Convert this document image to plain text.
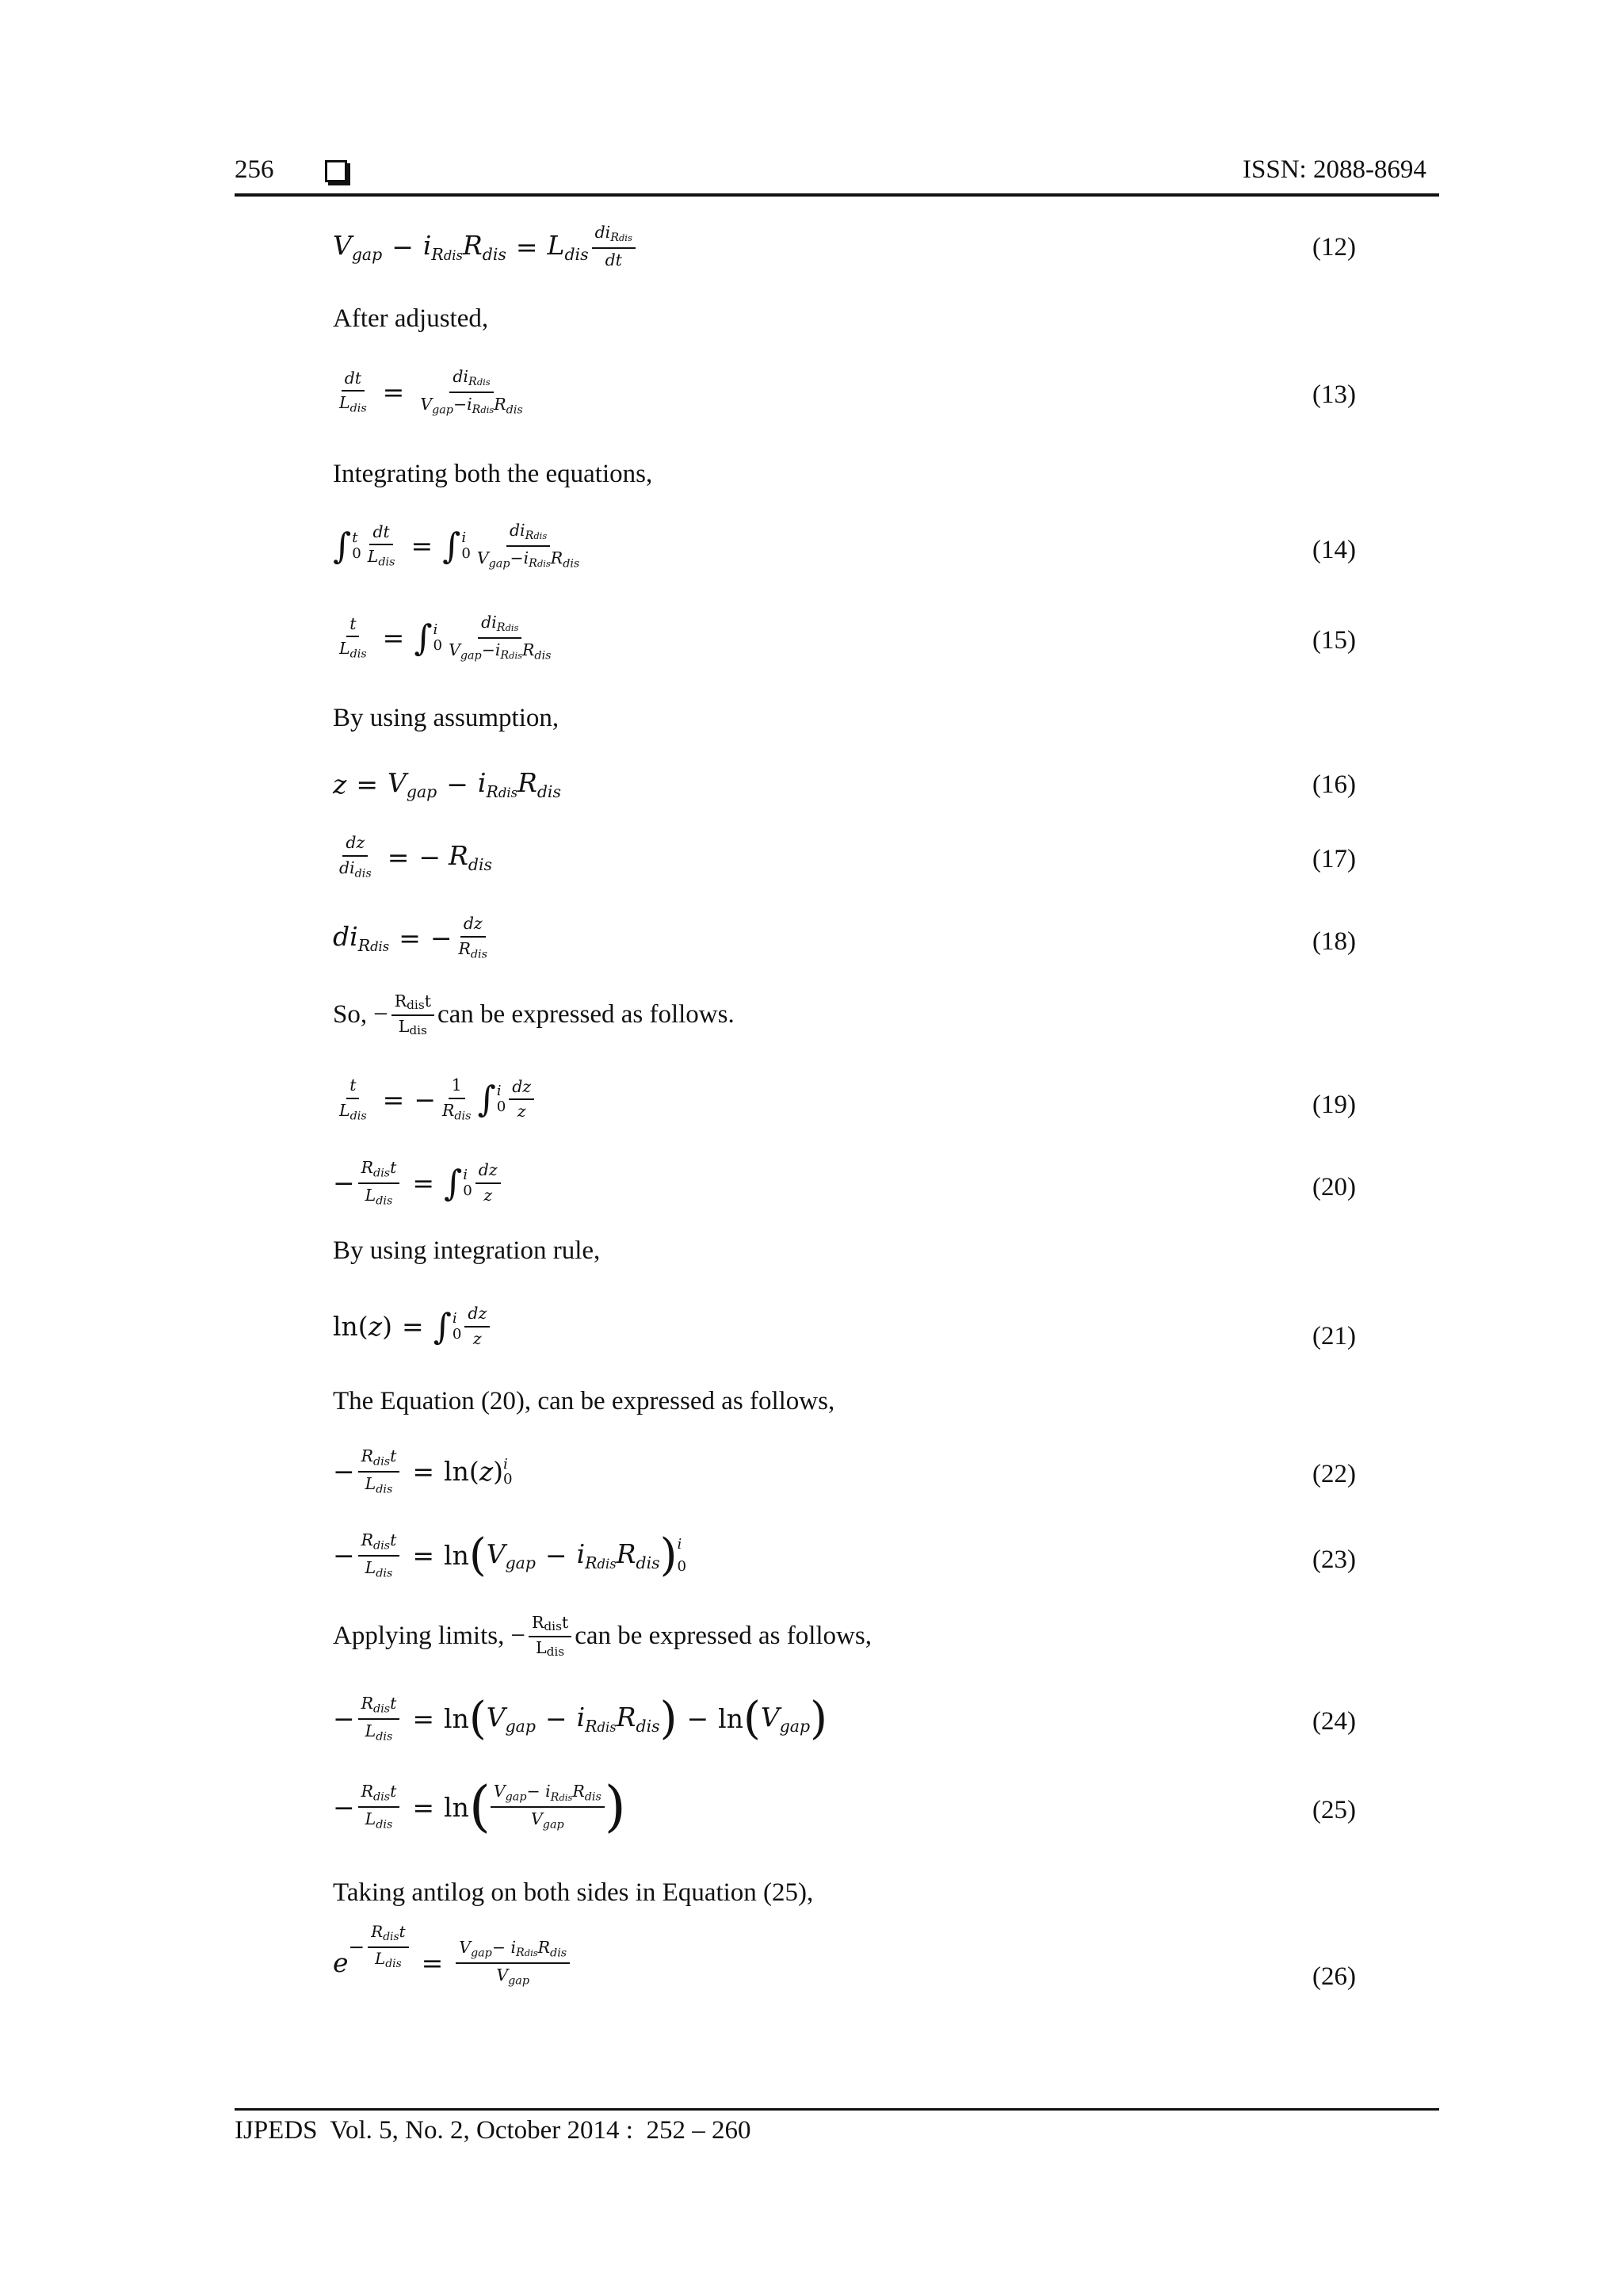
256	ISSN: 2088-8694
$V_{gap} - i_{Rdis}$ $R_{dis} = L_{dis} \frac{di_{Rdis}}{dt}$	(12)
After adjusted,
$\frac{dt}{L_{dis}} = \frac{di_{Rdis}}{V_{gap}-i_{Rdis}R_{dis}}$	(13)
Integrating both the equations,
∫ t
$0 \frac{dt}{L_{dis}}$ = ∫ i
$0 \frac{di_{Rdis}}{V_{gap}-i_{Rdis}R_{dis}}$	(14)
$\frac{t}{L_{dis}}$ = ∫ i
$0 \frac{di_{Rdis}}{V_{gap}-i_{Rdis}R_{dis}}$	(15)
By using assumption,
$z = V_{gap} - i_{Rdis}$ $R_{dis}$	(16)
$\frac{dz}{di_{dis}}$ = − $R_{dis}$	(17)
$di_{Rdis}$ = − $\frac{dz}{R_{dis}}$	(18)
So, − $\frac{\text{Rdist}}{\text{Ldis}}$ can be expressed as follows.
$\frac{t}{L_{dis}}$ = − $\frac{1}{R_{dis}}$ ∫ i
$0 \frac{dz}{z}$	(19)
− $\frac{R_{dis}t}{L_{dis}}$ = ∫ i
$0 \frac{dz}{z}$	(20)
By using integration rule,
ln( z ) = ∫ i
$0 \frac{dz}{z}$	(21)
The Equation (20), can be expressed as follows,
− $\frac{R_{dis}t}{L_{dis}} = \ln$( z ) i
0	(22)
− $\frac{R_{dis}t}{L_{dis}} = \ln$ ( $V_{gap} - i_{Rdis}$ $R_{dis}$ ) i
0	(23)
Applying limits, − $\frac{\text{Rdist}}{\text{Ldis}}$ can be expressed as follows,
− $\frac{R_{dis}t}{L_{dis}} = \ln$ ( $V_{gap} - i_{Rdis}$ $R_{dis}$ ) − ln ( $V_{gap}$ )	(24)
− $\frac{R_{dis}t}{L_{dis}} = \ln$ ( $\frac{V_{gap}- i_{Rdis}R_{dis}}{V_{gap}}$ )	(25)
Taking antilog on both sides in Equation (25),
e
− $\frac{R_{dis}t}{L_{dis}} = \frac{V_{gap}- i_{Rdis}R_{dis}}{V_{gap}}$	(26)
IJPEDS  Vol. 5, No. 2, October 2014 :  252 – 260
